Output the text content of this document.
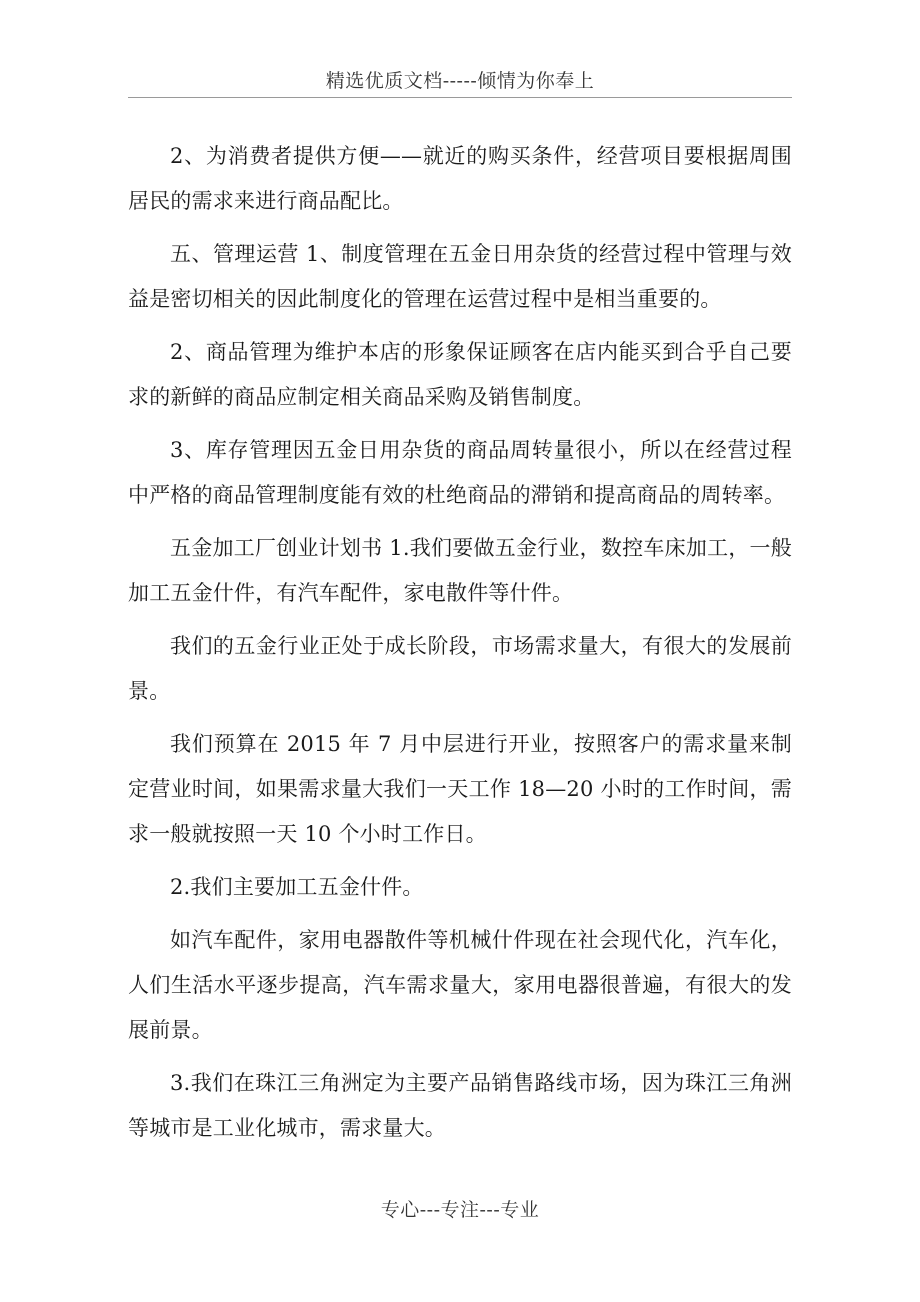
精选优质文档-----倾情为你奉上

2、为消费者提供方便——就近的购买条件，经营项目要根据周围居民的需求来进行商品配比。

五、管理运营 1、制度管理在五金日用杂货的经营过程中管理与效益是密切相关的因此制度化的管理在运营过程中是相当重要的。

2、商品管理为维护本店的形象保证顾客在店内能买到合乎自己要求的新鲜的商品应制定相关商品采购及销售制度。

3、库存管理因五金日用杂货的商品周转量很小，所以在经营过程中严格的商品管理制度能有效的杜绝商品的滞销和提高商品的周转率。

五金加工厂创业计划书 1.我们要做五金行业，数控车床加工，一般加工五金什件，有汽车配件，家电散件等什件。

我们的五金行业正处于成长阶段，市场需求量大，有很大的发展前景。

我们预算在 2015 年 7 月中层进行开业，按照客户的需求量来制定营业时间，如果需求量大我们一天工作 18—20 小时的工作时间，需求一般就按照一天 10 个小时工作日。

2.我们主要加工五金什件。

如汽车配件，家用电器散件等机械什件现在社会现代化，汽车化，人们生活水平逐步提高，汽车需求量大，家用电器很普遍，有很大的发展前景。

3.我们在珠江三角洲定为主要产品销售路线市场，因为珠江三角洲等城市是工业化城市，需求量大。

专心---专注---专业
